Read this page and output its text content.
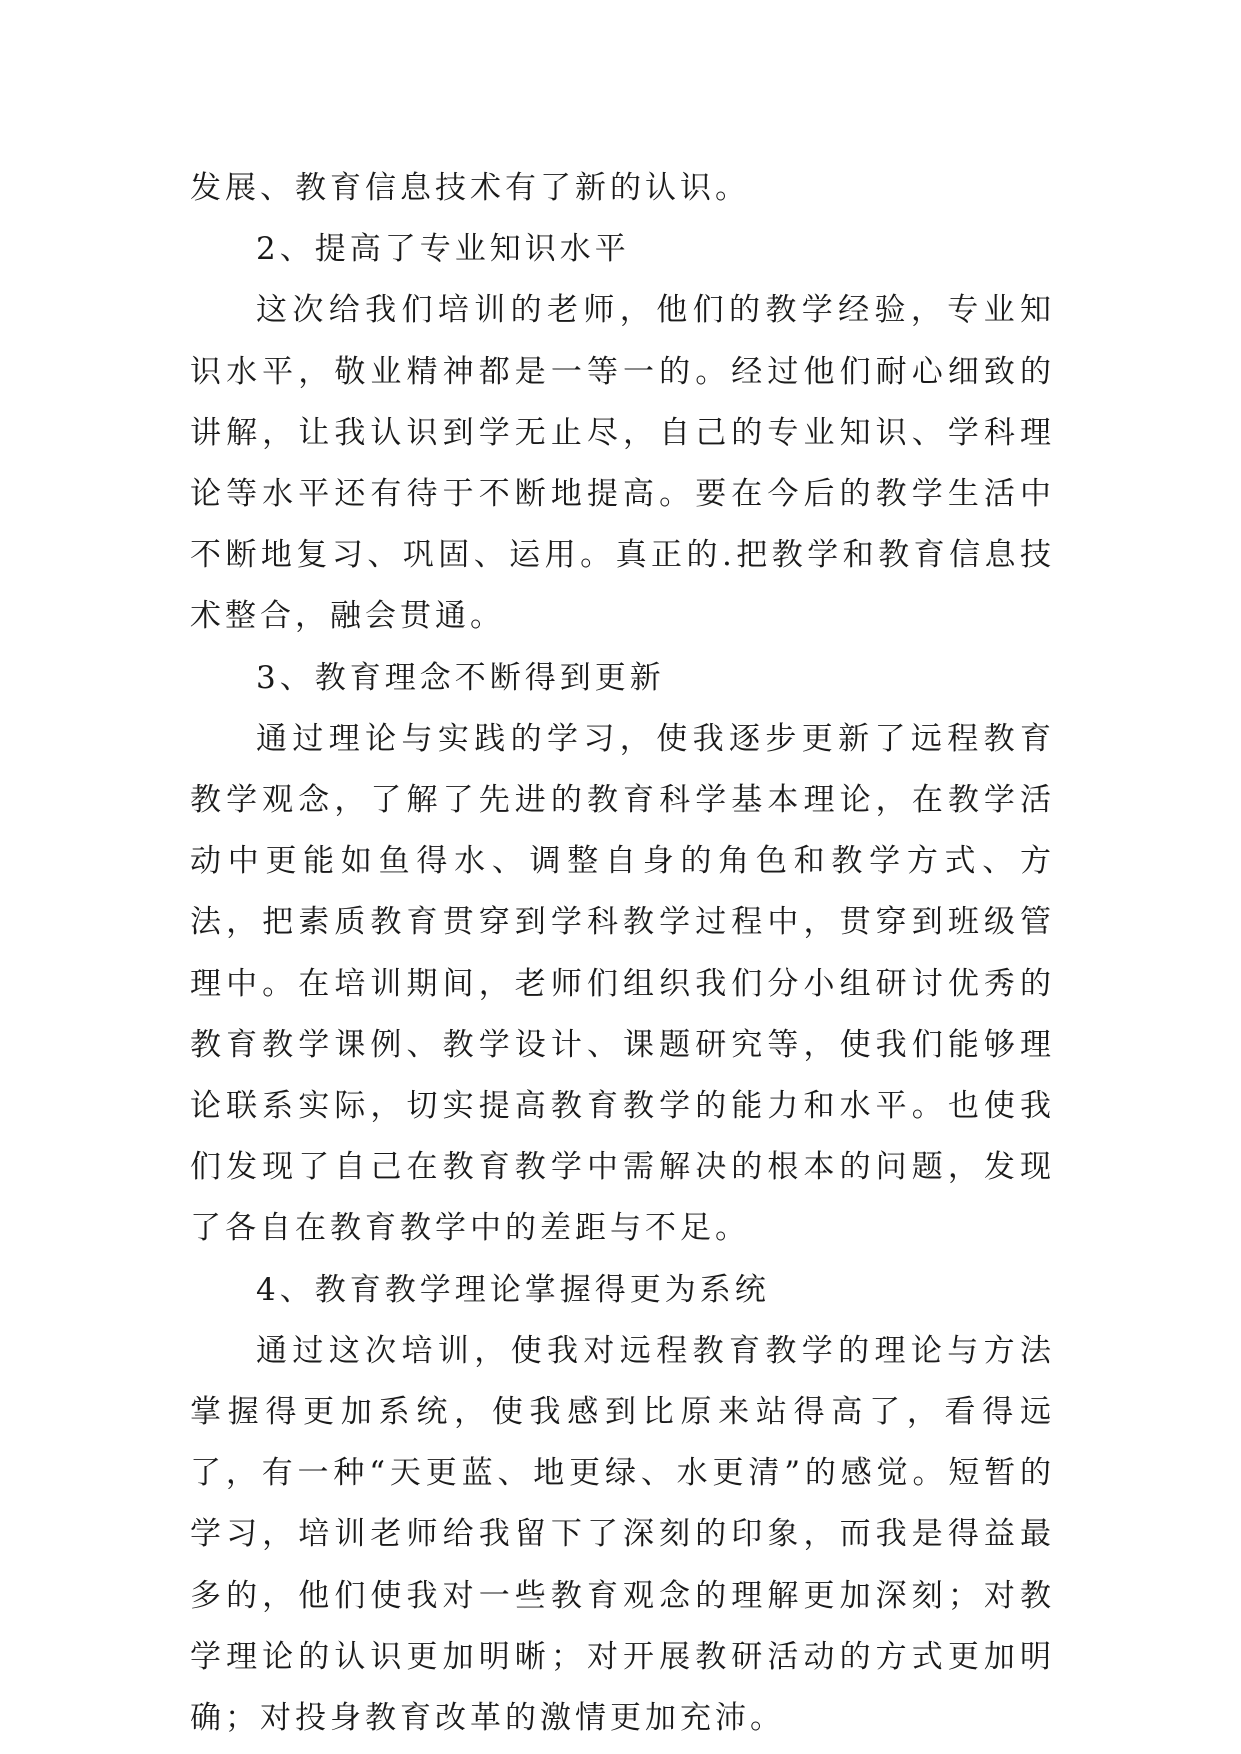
发展、教育信息技术有了新的认识。

2、提高了专业知识水平

这次给我们培训的老师，他们的教学经验，专业知识水平，敬业精神都是一等一的。经过他们耐心细致的讲解，让我认识到学无止尽，自己的专业知识、学科理论等水平还有待于不断地提高。要在今后的教学生活中不断地复习、巩固、运用。真正的.把教学和教育信息技术整合，融会贯通。

3、教育理念不断得到更新

通过理论与实践的学习，使我逐步更新了远程教育教学观念，了解了先进的教育科学基本理论，在教学活动中更能如鱼得水、调整自身的角色和教学方式、方法，把素质教育贯穿到学科教学过程中，贯穿到班级管理中。在培训期间，老师们组织我们分小组研讨优秀的教育教学课例、教学设计、课题研究等，使我们能够理论联系实际，切实提高教育教学的能力和水平。也使我们发现了自己在教育教学中需解决的根本的问题，发现了各自在教育教学中的差距与不足。

4、教育教学理论掌握得更为系统

通过这次培训，使我对远程教育教学的理论与方法掌握得更加系统，使我感到比原来站得高了，看得远了，有一种“天更蓝、地更绿、水更清”的感觉。短暂的学习，培训老师给我留下了深刻的印象，而我是得益最多的，他们使我对一些教育观念的理解更加深刻；对教学理论的认识更加明晰；对开展教研活动的方式更加明确；对投身教育改革的激情更加充沛。
